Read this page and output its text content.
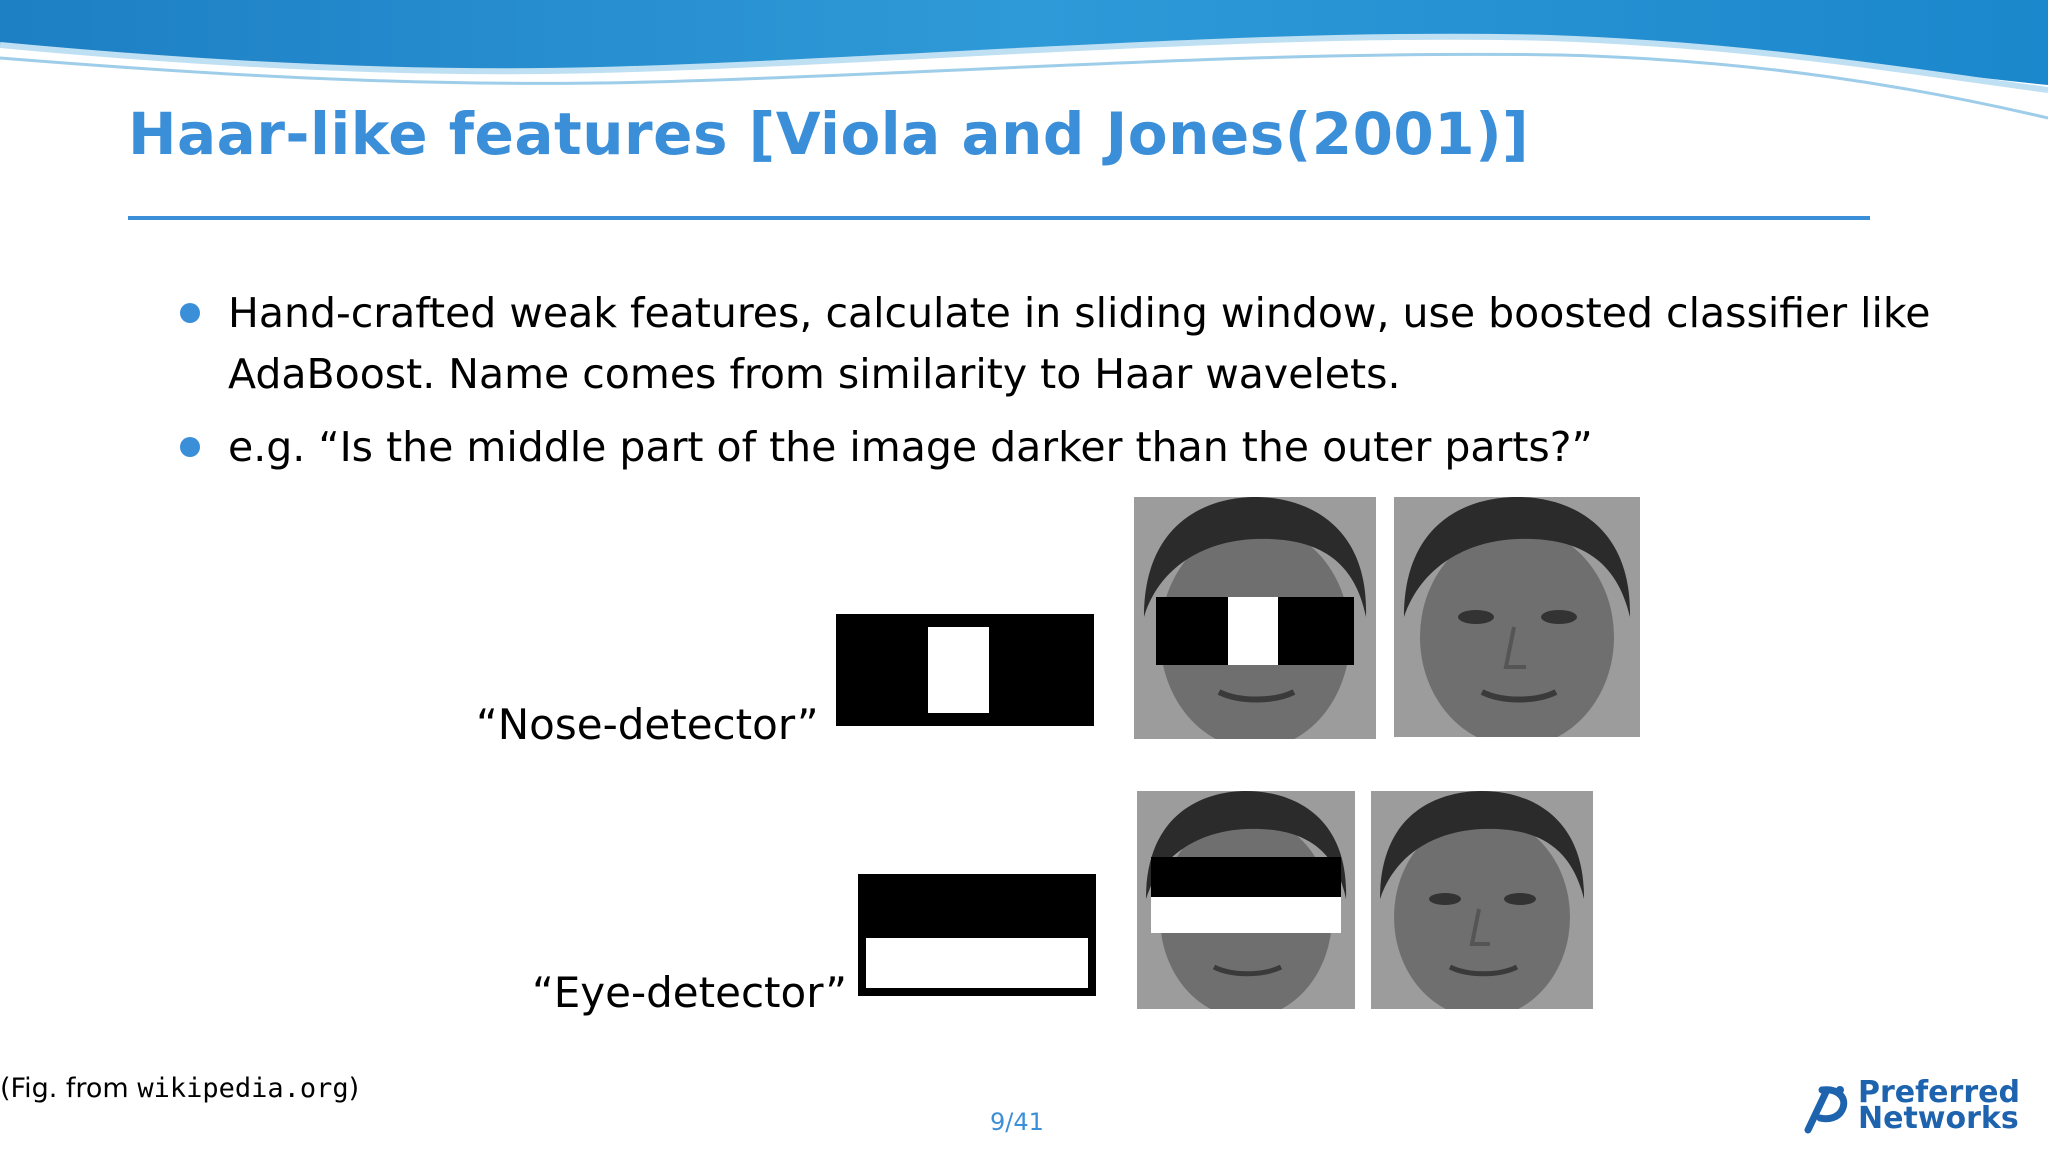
Haar-like features [Viola and Jones(2001)]
Hand-crafted weak features, calculate in sliding window, use boosted classifier like AdaBoost. Name comes from similarity to Haar wavelets.
e.g. “Is the middle part of the image darker than the outer parts?”
“Nose-detector”
“Eye-detector”
(Fig. from wikipedia.org)
9/41
Preferred
Networks
